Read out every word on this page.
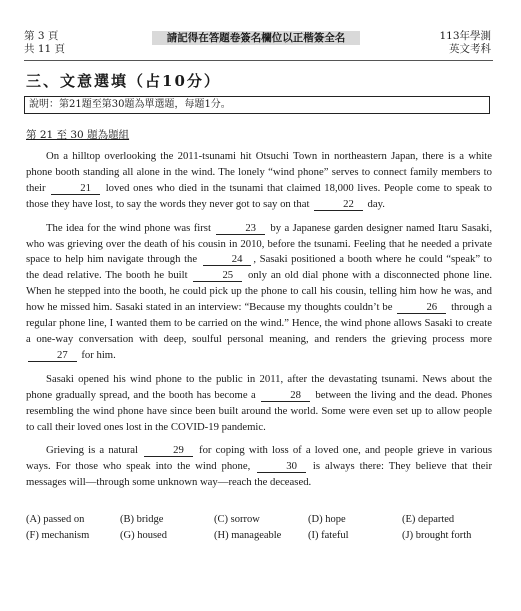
第 3 頁
共 11 頁
請記得在答題卷簽名欄位以正楷簽全名	113年學測
英文考科
三、文意選填（占10分）
說明：第21題至第30題為單選題，每題1分。
第 21 至 30 題為題組

On a hilltop overlooking the 2011-tsunami hit Otsuchi Town in northeastern Japan, there is a white phone booth standing all alone in the wind. The lonely “wind phone” serves to connect family members to their	21 loved ones who died in the tsunami that claimed 18,000 lives. People come to speak to those they have lost, to say the words they never got to say on that	22 day.

The idea for the wind phone was first	23 by a Japanese garden designer named Itaru Sasaki, who was grieving over the death of his cousin in 2010, before the tsunami. Feeling that he needed a private space to help him navigate through the	24 , Sasaki positioned a booth where he could “speak” to the dead relative. The booth he built	25 only an old dial phone with a disconnected phone line. When he stepped into the booth, he could pick up the phone to call his cousin, telling him how he was, and how he missed him. Sasaki stated in an interview: “Because my thoughts couldn’t be	26 through a regular phone line, I wanted them to be carried on the wind.” Hence, the wind phone allows Sasaki to create a one-way conversation with deep, soulful personal meaning, and renders the grieving process more 27 for him.

Sasaki opened his wind phone to the public in 2011, after the devastating tsunami. News about the phone gradually spread, and the booth has become a	28 between the living and the dead. Phones resembling the wind phone have since been built around the world. Some were even set up to allow people to call their loved ones lost in the COVID-19 pandemic.

Grieving is a natural	29 for coping with loss of a loved one, and people grieve in various ways. For those who speak into the wind phone,	30 is always there: They believe that their messages will—through some unknown way—reach the deceased.

(A) passed on	(B) bridge	(C) sorrow	(D) hope	(E) departed
(F) mechanism	(G) housed	(H) manageable	(I) fateful	(J) brought forth
